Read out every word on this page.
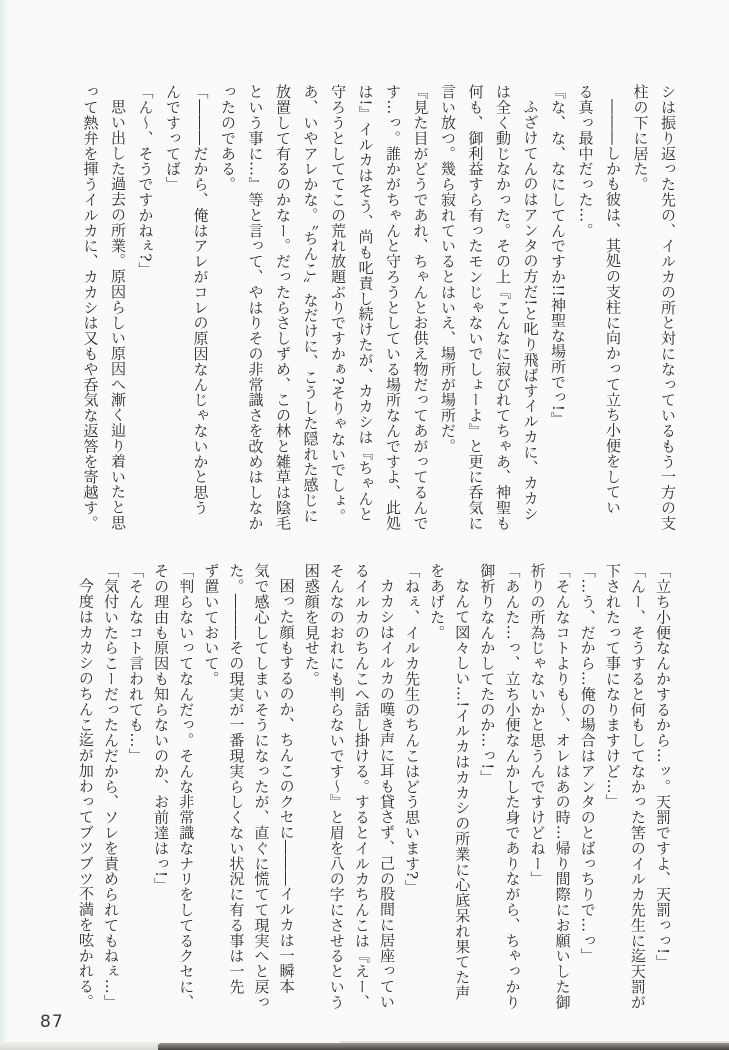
シは振り返った先の、イルカの所と対になっているもう一方の支
柱の下に居た。
―――しかも彼は、其処の支柱に向かって立ち小便をしてい
る真っ最中だった…。
『な、な、なにしてんですか!!神聖な場所でっ!』
ふざけてんのはアンタの方だ!と叱り飛ばすイルカに、カカシ
は全く動じなかった。その上『こんなに寂びれてちゃあ、神聖も
何も、御利益すら有ったモンじゃないでしょーよ』と更に呑気に
言い放つ。幾ら寂れているとはいえ、場所が場所だ。
『見た目がどうであれ、ちゃんとお供え物だってあがってるんで
す…っ。誰かがちゃんと守ろうとしている場所なんですよ、此処
は!』イルカはそう、尚も叱責し続けたが、カカシは『ちゃんと
守ろうとしててこの荒れ放題ぶりですかぁ?そりゃないでしょ。
あ、いやアレかな。〝ちんこ〟なだけに、こうした隠れた感じに
放置して有るのかなー。だったらさしずめ、この林と雑草は陰毛
という事に…』等と言って、やはりその非常識さを改めはしなか
ったのである。
「―――だから、俺はアレがコレの原因なんじゃないかと思う
んですってば」
「ん〜、そうですかねぇ?」
思い出した過去の所業。原因らしい原因へ漸く辿り着いたと思
って熱弁を揮うイルカに、カカシは又もや呑気な返答を寄越す。
「立ち小便なんかするから…ッ。天罰ですよ、天罰っっ!」
「んー、そうすると何もしてなかった筈のイルカ先生に迄天罰が
下されたって事になりますけど…」
「…う、だから…俺の場合はアンタのとばっちりで…っ」
「そんなコトよりも〜、オレはあの時…帰り間際にお願いした御
祈りの所為じゃないかと思うんですけどねー」
「あんた…っ、立ち小便なんかした身でありながら、ちゃっかり
御祈りなんかしてたのか…っ!」
なんて図々しい…!イルカはカカシの所業に心底呆れ果てた声
をあげた。
「ねぇ、イルカ先生のちんこはどう思います?」
カカシはイルカの嘆き声に耳も貸さず、己の股間に居座ってい
るイルカのちんこへ話し掛ける。するとイルカちんこは『えー、
そんなのおれにも判らないです〜』と眉を八の字にさせるという
困惑顔を見せた。
困った顔もするのか、ちんこのクセに―――イルカは一瞬本
気で感心してしまいそうになったが、直ぐに慌てて現実へと戻っ
た。―――その現実が一番現実らしくない状況に有る事は一先
ず置いておいて。
「判らないってなんだっ。そんな非常識なナリをしてるクセに、
その理由も原因も知らないのか、お前達はっ!」
「そんなコト言われても…」
「気付いたらこーだったんだから、ソレを責められてもねぇ…」
今度はカカシのちんこ迄が加わってブツブツ不満を呟かれる。
87
